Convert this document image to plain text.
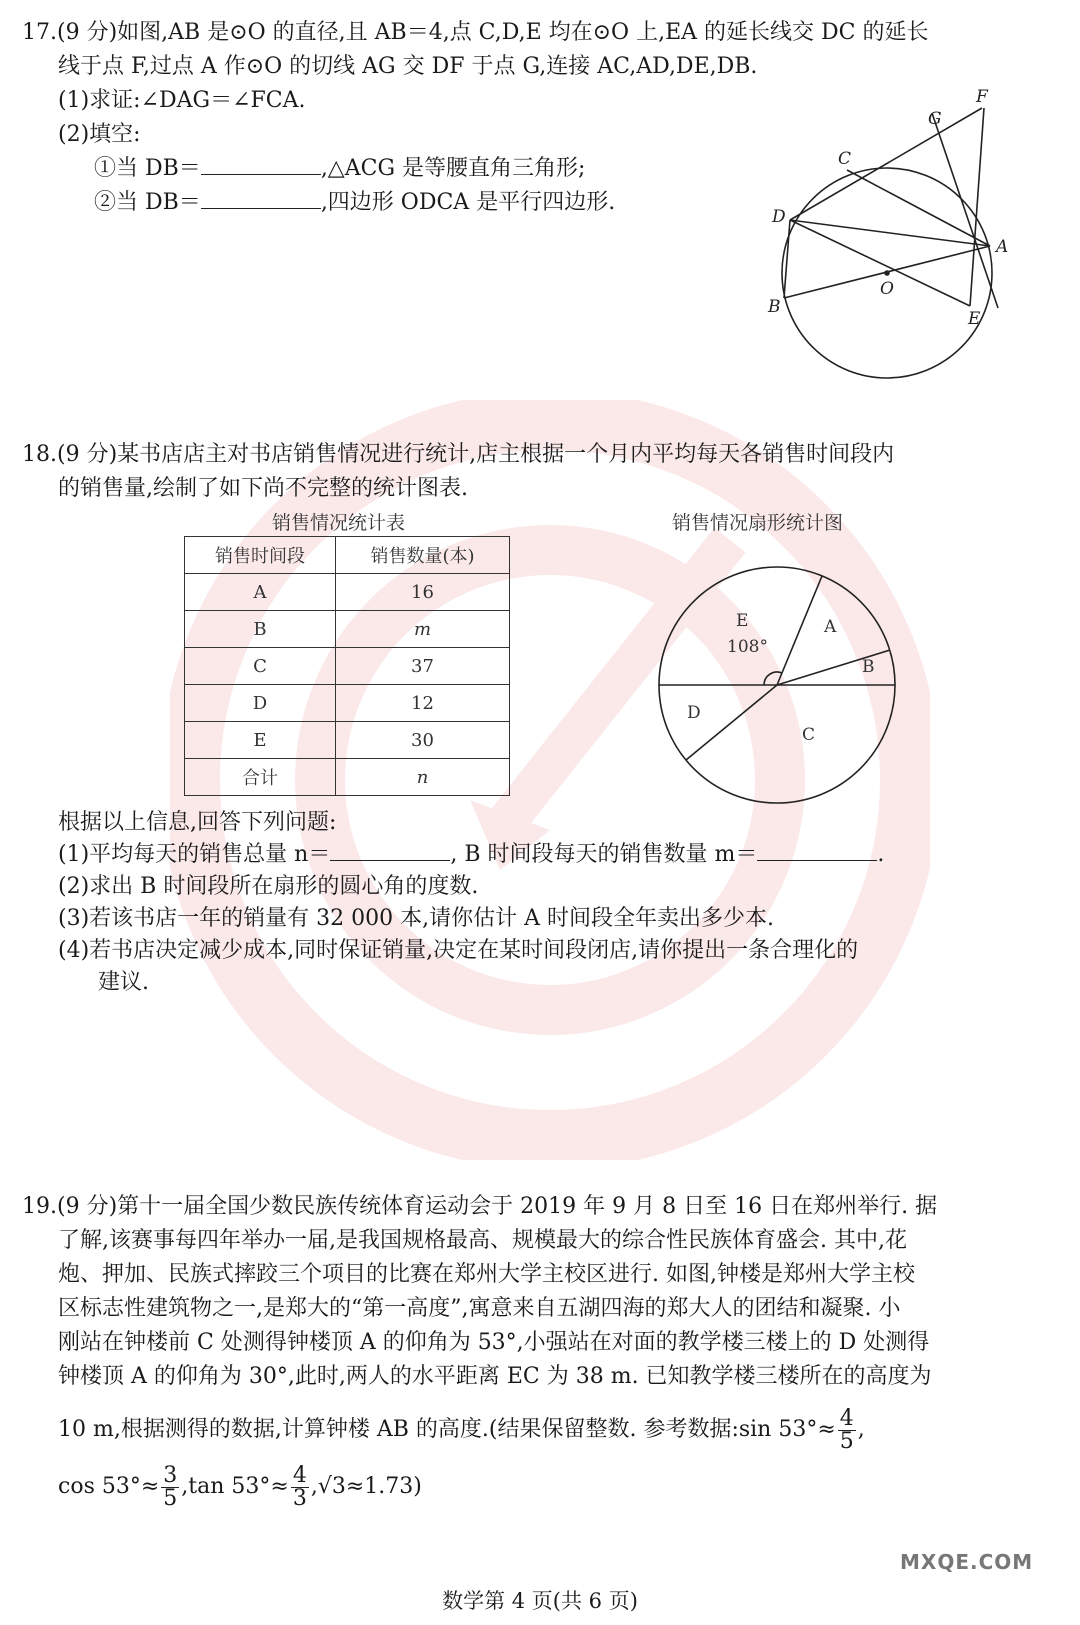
17.(9 分)如图,AB 是⊙O 的直径,且 AB＝4,点 C,D,E 均在⊙O 上,EA 的延长线交 DC 的延长
线于点 F,过点 A 作⊙O 的切线 AG 交 DF 于点 G,连接 AC,AD,DE,DB.
(1)求证:∠DAG＝∠FCA.
(2)填空:
①当 DB＝	,△ACG 是等腰直角三角形;
②当 DB＝	,四边形 ODCA 是平行四边形.
F
G
C
D
A
O
B
E
18.(9 分)某书店店主对书店销售情况进行统计,店主根据一个月内平均每天各销售时间段内
的销售量,绘制了如下尚不完整的统计图表.
销售情况统计表	销售情况扇形统计图
销售时间段	销售数量(本)
A	16
B	m
C	37
D	12
E	30
合计	n
E
108°
A
B
C
D
根据以上信息,回答下列问题:
(1)平均每天的销售总量 n＝	, B 时间段每天的销售数量 m＝	.
(2)求出 B 时间段所在扇形的圆心角的度数.
(3)若该书店一年的销量有 32 000 本,请你估计 A 时间段全年卖出多少本.
(4)若书店决定减少成本,同时保证销量,决定在某时间段闭店,请你提出一条合理化的
建议.
19.(9 分)第十一届全国少数民族传统体育运动会于 2019 年 9 月 8 日至 16 日在郑州举行. 据
了解,该赛事每四年举办一届,是我国规格最高、规模最大的综合性民族体育盛会. 其中,花
炮、押加、民族式摔跤三个项目的比赛在郑州大学主校区进行. 如图,钟楼是郑州大学主校
区标志性建筑物之一,是郑大的“第一高度”,寓意来自五湖四海的郑大人的团结和凝聚. 小
刚站在钟楼前 C 处测得钟楼顶 A 的仰角为 53°,小强站在对面的教学楼三楼上的 D 处测得
钟楼顶 A 的仰角为 30°,此时,两人的水平距离 EC 为 38 m. 已知教学楼三楼所在的高度为
10 m,根据测得的数据,计算钟楼 AB 的高度.(结果保留整数. 参考数据:sin $53^\circ\approx \frac{4}{5}$ ,
$\cos 53^\circ\approx \frac{3}{5} ,\tan$ $53^\circ\approx \frac{4}{3} ,√3\approx 1.73$)
数学第 4 页(共 6 页)
MXQE.COM
